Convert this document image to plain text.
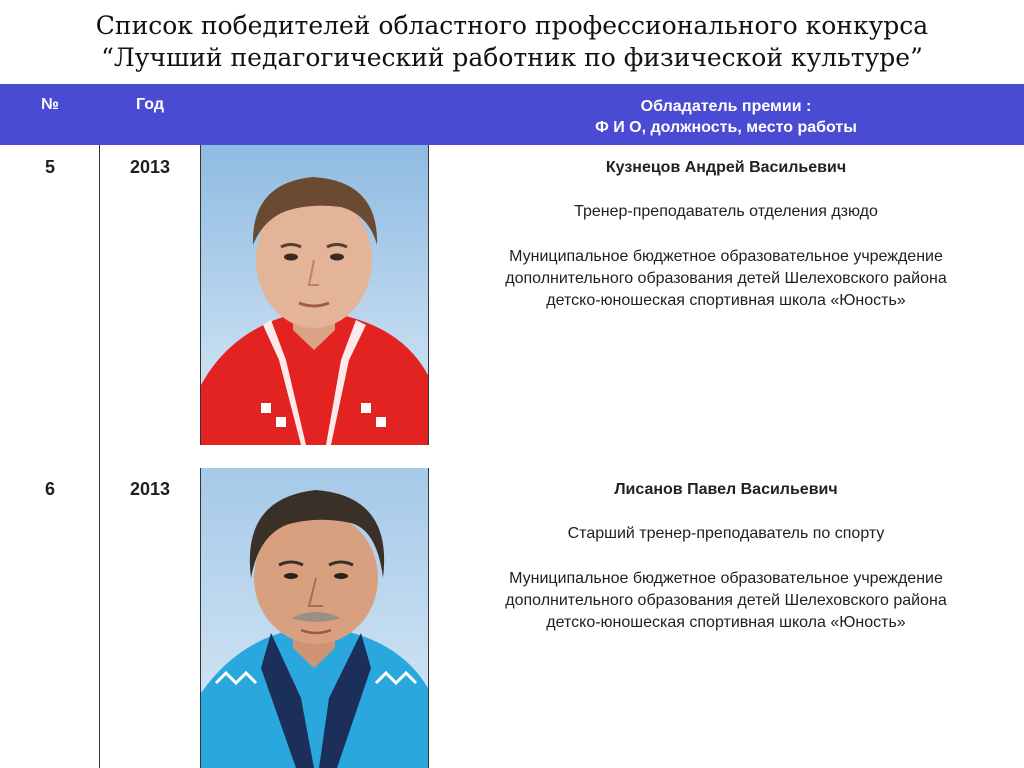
Список победителей областного профессионального конкурса
“Лучший педагогический работник по физической культуре”
№	Год	Обладатель премии :
Ф И О, должность, место работы
5	2013	Кузнецов Андрей Васильевич
Тренер-преподаватель отделения дзюдо
Муниципальное бюджетное образовательное учреждение
дополнительного образования детей Шелеховского района
детско-юношеская спортивная школа «Юность»
6	2013	Лисанов Павел Васильевич
Старший тренер-преподаватель по спорту
Муниципальное бюджетное образовательное учреждение
дополнительного образования детей Шелеховского района
детско-юношеская спортивная школа «Юность»
